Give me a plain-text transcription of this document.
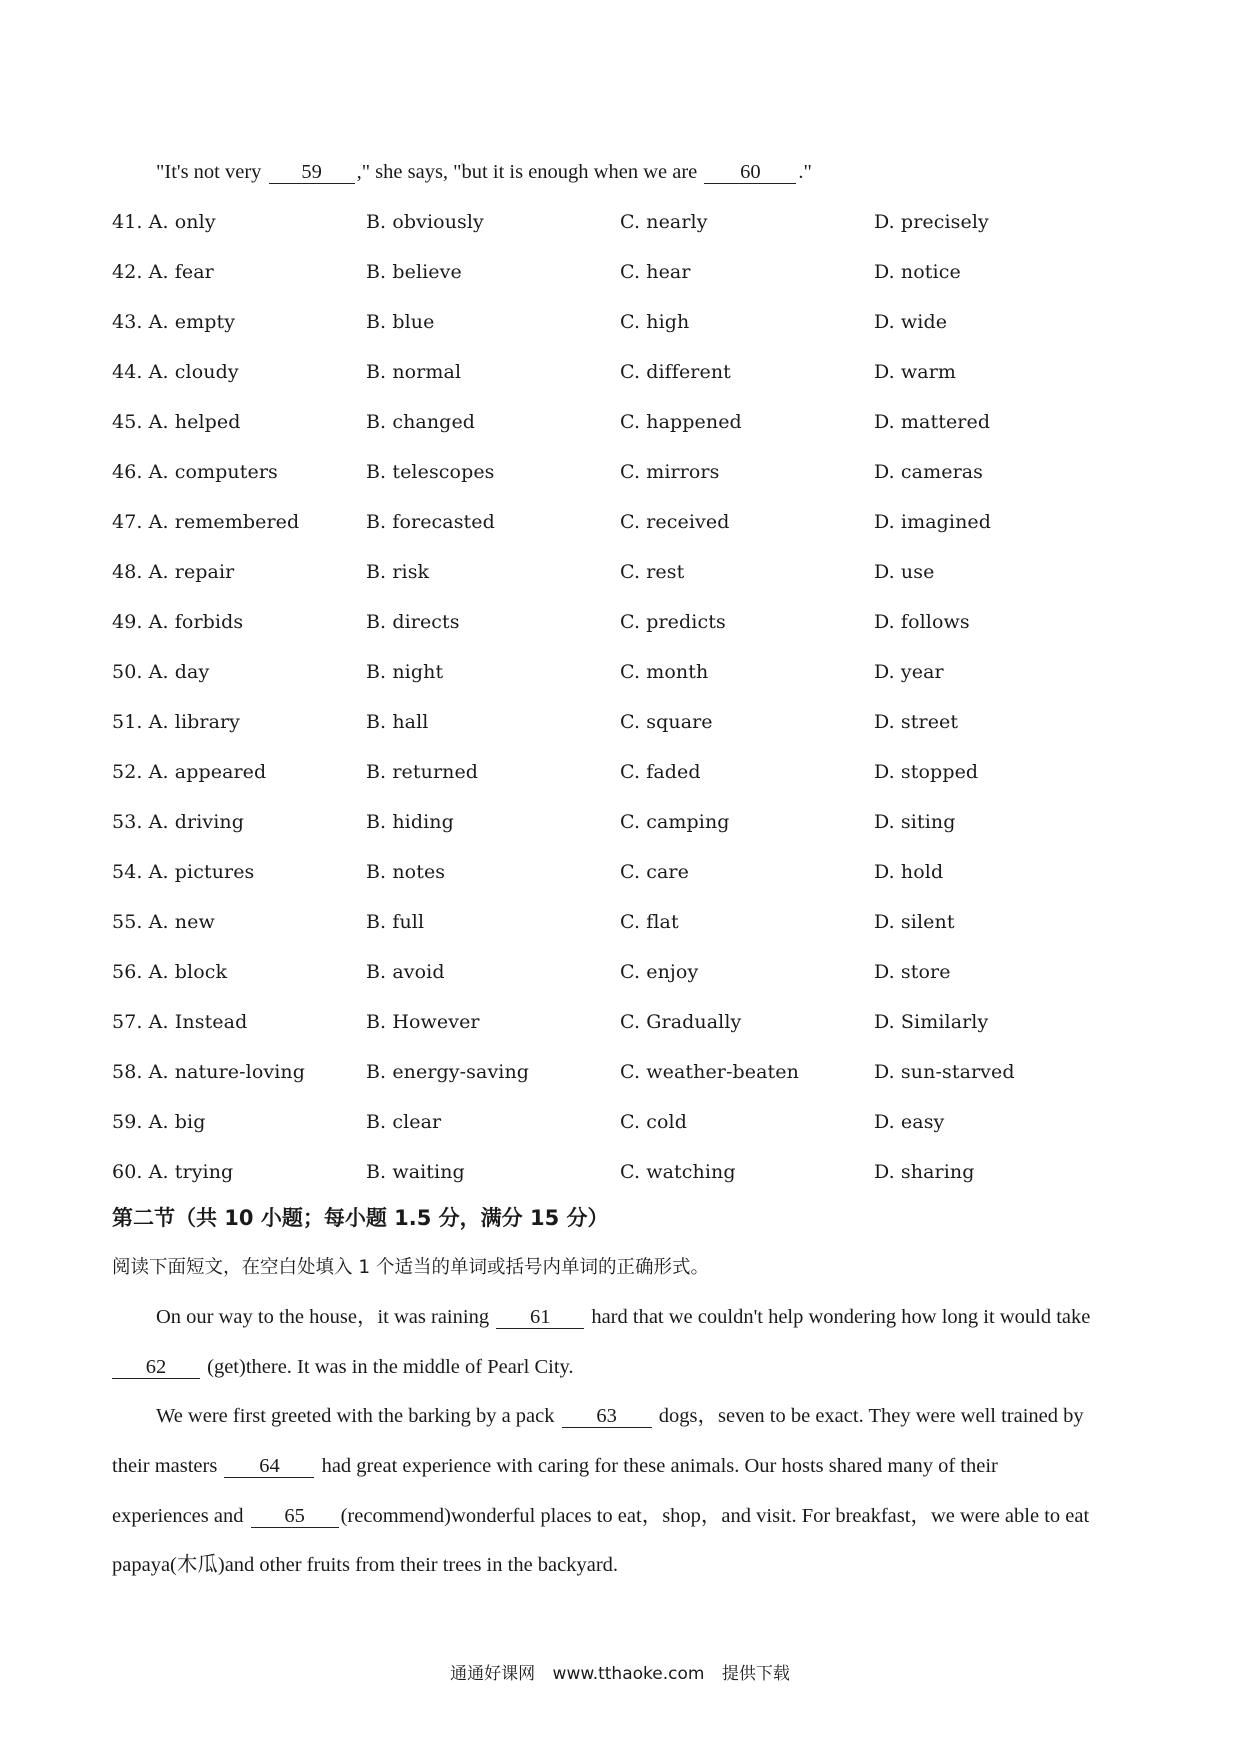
"It's not very 59 ," she says, "but it is enough when we are 60 ."
41. A. only	B. obviously	C. nearly	D. precisely
42. A. fear	B. believe	C. hear	D. notice
43. A. empty	B. blue	C. high	D. wide
44. A. cloudy	B. normal	C. different	D. warm
45. A. helped	B. changed	C. happened	D. mattered
46. A. computers	B. telescopes	C. mirrors	D. cameras
47. A. remembered	B. forecasted	C. received	D. imagined
48. A. repair	B. risk	C. rest	D. use
49. A. forbids	B. directs	C. predicts	D. follows
50. A. day	B. night	C. month	D. year
51. A. library	B. hall	C. square	D. street
52. A. appeared	B. returned	C. faded	D. stopped
53. A. driving	B. hiding	C. camping	D. siting
54. A. pictures	B. notes	C. care	D. hold
55. A. new	B. full	C. flat	D. silent
56. A. block	B. avoid	C. enjoy	D. store
57. A. Instead	B. However	C. Gradually	D. Similarly
58. A. nature-loving	B. energy-saving	C. weather-beaten	D. sun-starved
59. A. big	B. clear	C. cold	D. easy
60. A. trying	B. waiting	C. watching	D. sharing
第二节（共 10 小题；每小题 1.5 分，满分 15 分）
阅读下面短文，在空白处填入 1 个适当的单词或括号内单词的正确形式。
On our way to the house，it was raining 61 hard that we couldn't help wondering how long it would take
62 (get)there. It was in the middle of Pearl City.
We were first greeted with the barking by a pack 63 dogs，seven to be exact. They were well trained by
their masters 64 had great experience with caring for these animals. Our hosts shared many of their
experiences and 65 (recommend)wonderful places to eat，shop，and visit. For breakfast，we were able to eat
papaya(木瓜)and other fruits from their trees in the backyard.
通通好课网 www.tthaoke.com 提供下载
